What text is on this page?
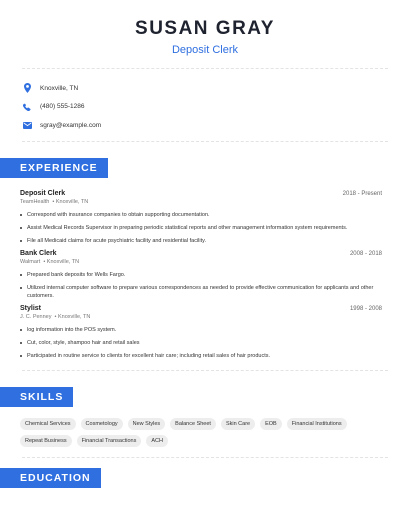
SUSAN GRAY
Deposit Clerk
Knoxville, TN
(480) 555-1286
sgray@example.com
EXPERIENCE
Deposit Clerk	2018 - Present
TeamHealth  • Knoxville, TN
Correspond with insurance companies to obtain supporting documentation.
Assist Medical Records Supervisor in preparing periodic statistical reports and other management information system requirements.
File all Medicaid claims for acute psychiatric facility and residential facility.
Bank Clerk	2008 - 2018
Walmart  • Knoxville, TN
Prepared bank deposits for Wells Fargo.
Utilized internal computer software to prepare various correspondences as needed to provide effective communication for applicants and other customers.
Stylist	1998 - 2008
J. C. Penney  • Knoxville, TN
log information into the POS system.
Cut, color, style, shampoo hair and retail sales
Participated in routine service to clients for excellent hair care; including retail sales of hair products.
SKILLS
Chemical Services	Cosmetology	New Styles	Balance Sheet	Skin Care	EOB	Financial Institutions
Repeat Business	Financial Transactions	ACH
EDUCATION
